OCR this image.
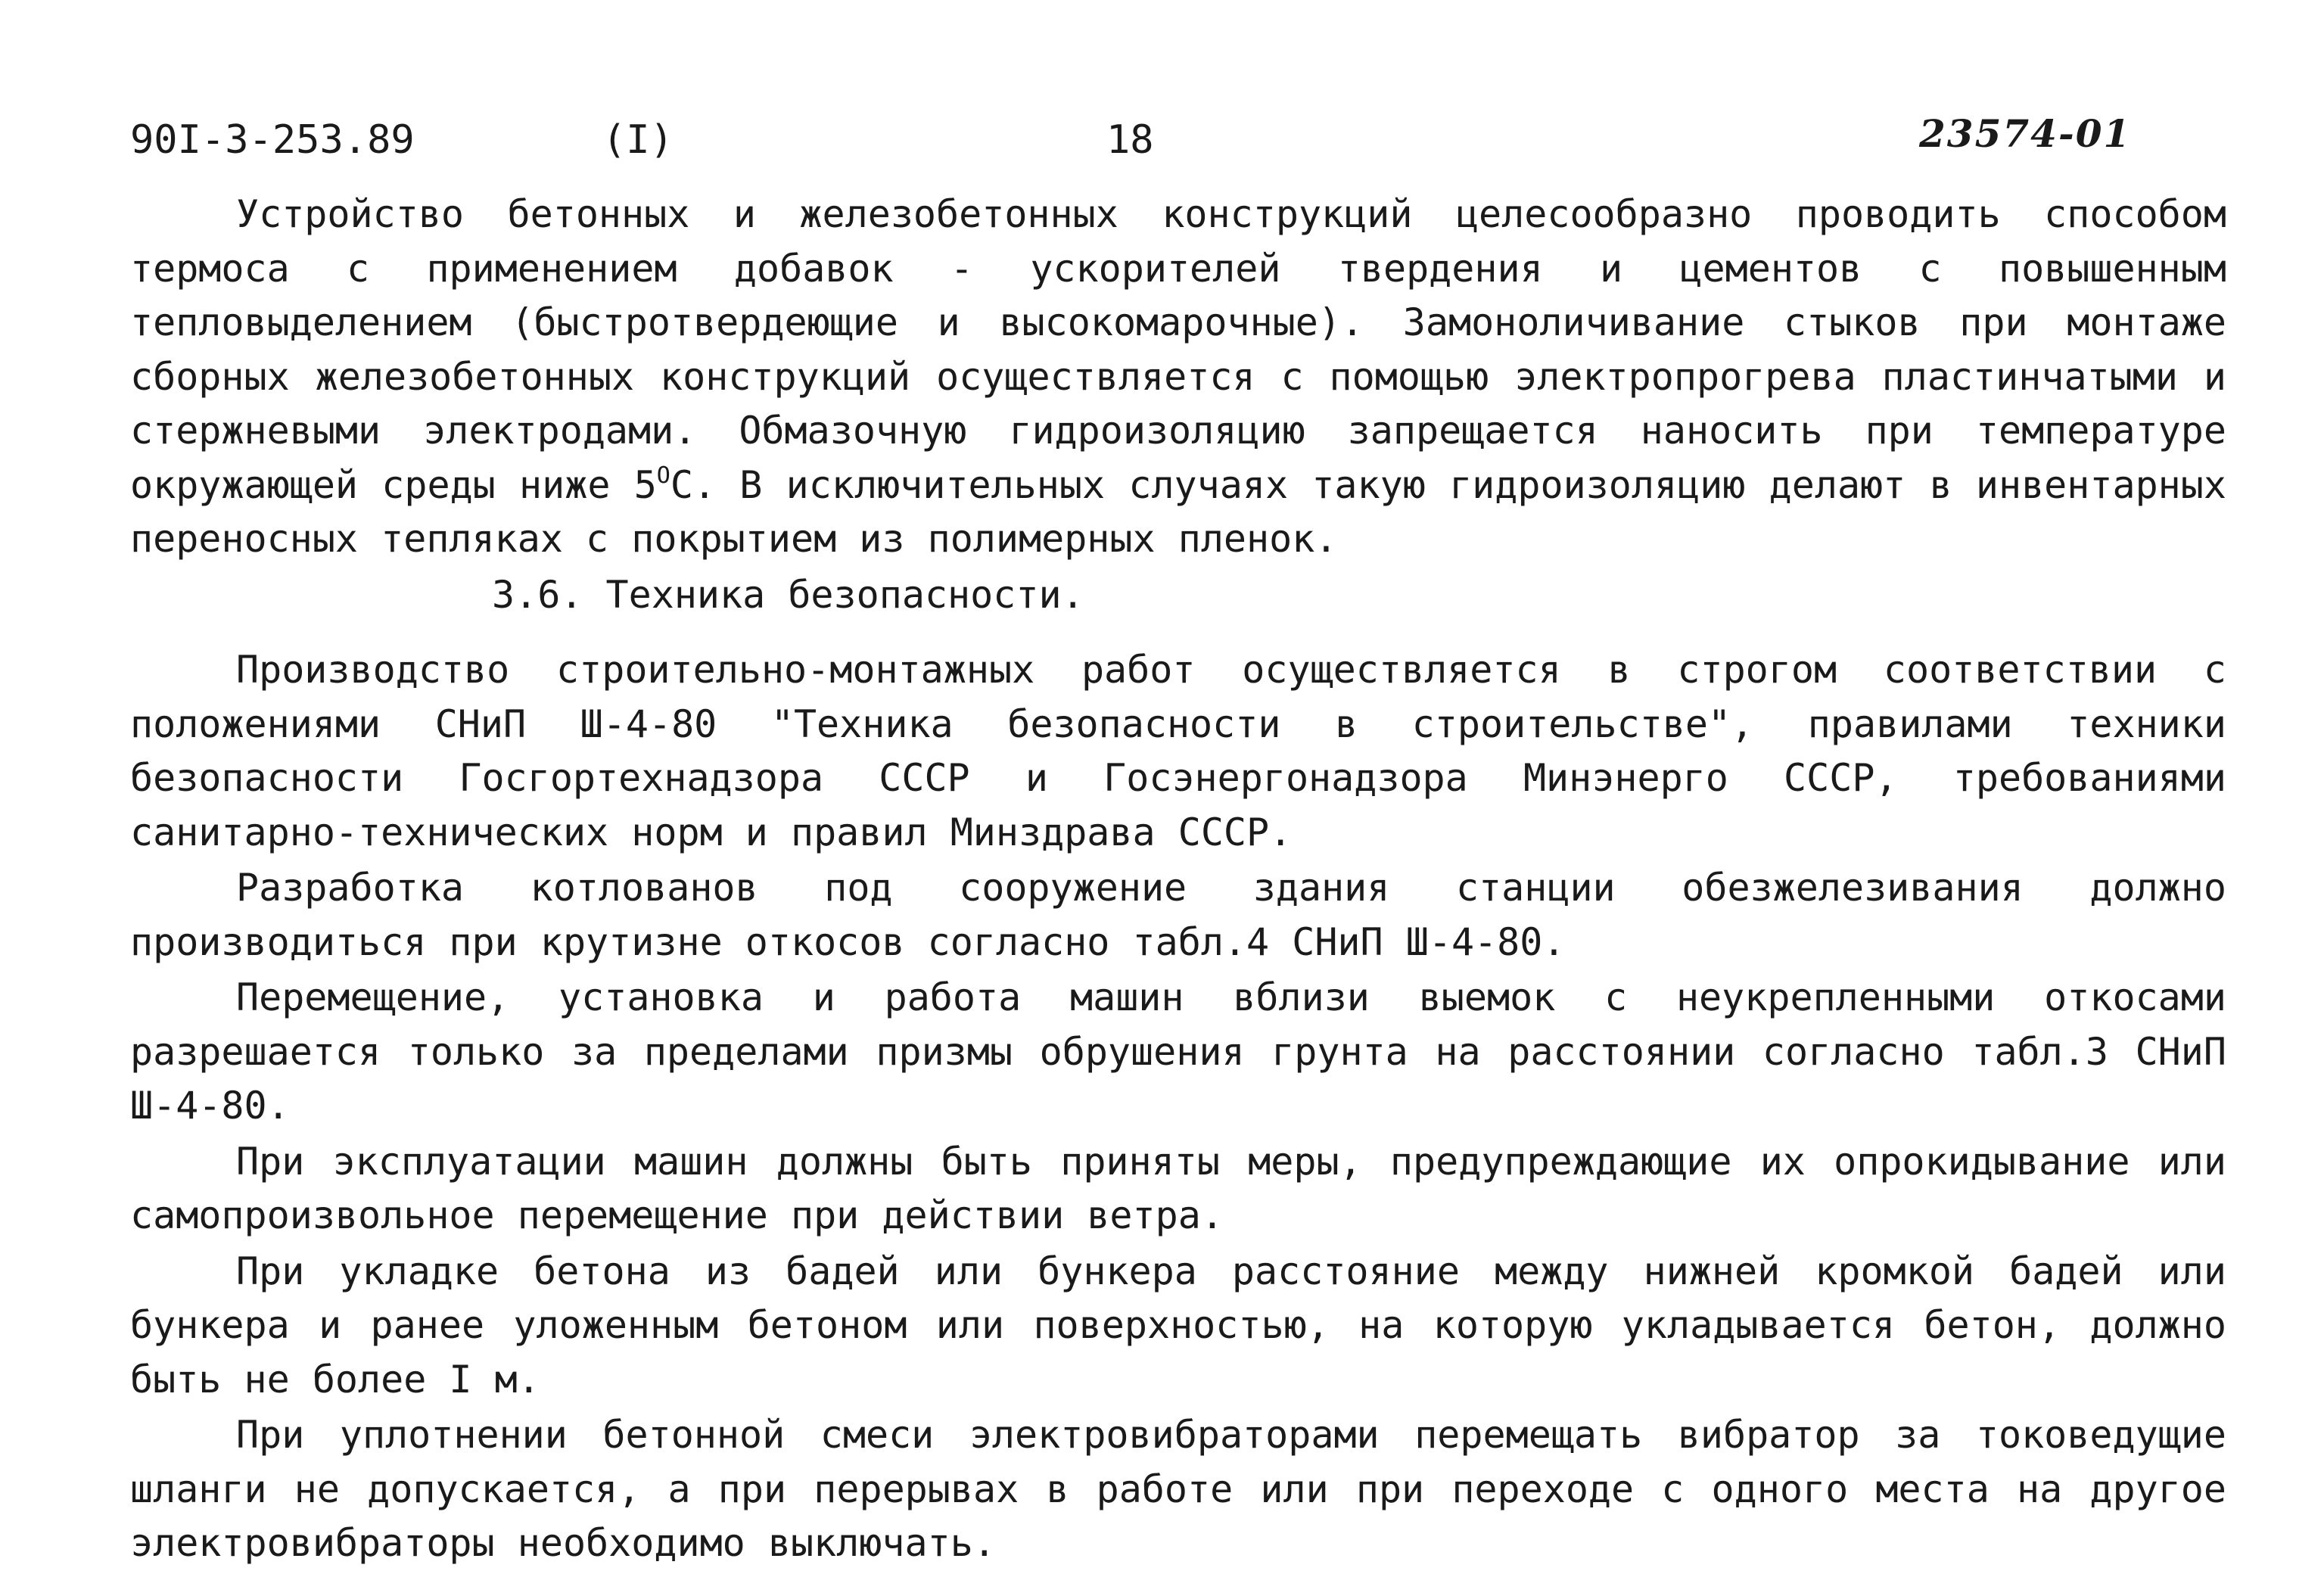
90I-3-253.89	(I)	18	23574-01

Устройство бетонных и железобетонных конструкций целесообразно проводить способом термоса с применением добавок - ускорителей твердения и цементов с повышенным тепловыделением (быстротвердеющие и высокомарочные). Замоноличивание стыков при монтаже сборных железобетонных конструкций осуществляется с помощью электропрогрева пластинчатыми и стержневыми электродами. Обмазочную гидроизоляцию запрещается наносить при температуре окружающей среды ниже $5^ОС$. В исключительных случаях такую гидроизоляцию делают в инвентарных переносных тепляках с покрытием из полимерных пленок.

3.6. Техника безопасности.

Производство строительно-монтажных работ осуществляется в строгом соответствии с положениями СНиП Ш-4-80 "Техника безопасности в строительстве", правилами техники безопасности Госгортехнадзора СССР и Госэнергонадзора Минэнерго СССР, требованиями санитарно-технических норм и правил Минздрава СССР.

Разработка котлованов под сооружение здания станции обезжелезивания должно производиться при крутизне откосов согласно табл.4 СНиП Ш-4-80.

Перемещение, установка и работа машин вблизи выемок с неукрепленными откосами разрешается только за пределами призмы обрушения грунта на расстоянии согласно табл.3 СНиП Ш-4-80.

При эксплуатации машин должны быть приняты меры, предупреждающие их опрокидывание или самопроизвольное перемещение при действии ветра.

При укладке бетона из бадей или бункера расстояние между нижней кромкой бадей или бункера и ранее уложенным бетоном или поверхностью, на которую укладывается бетон, должно быть не более I м.

При уплотнении бетонной смеси электровибраторами перемещать вибратор за токоведущие шланги не допускается, а при перерывах в работе или при переходе с одного места на другое электровибраторы необходимо выключать.
